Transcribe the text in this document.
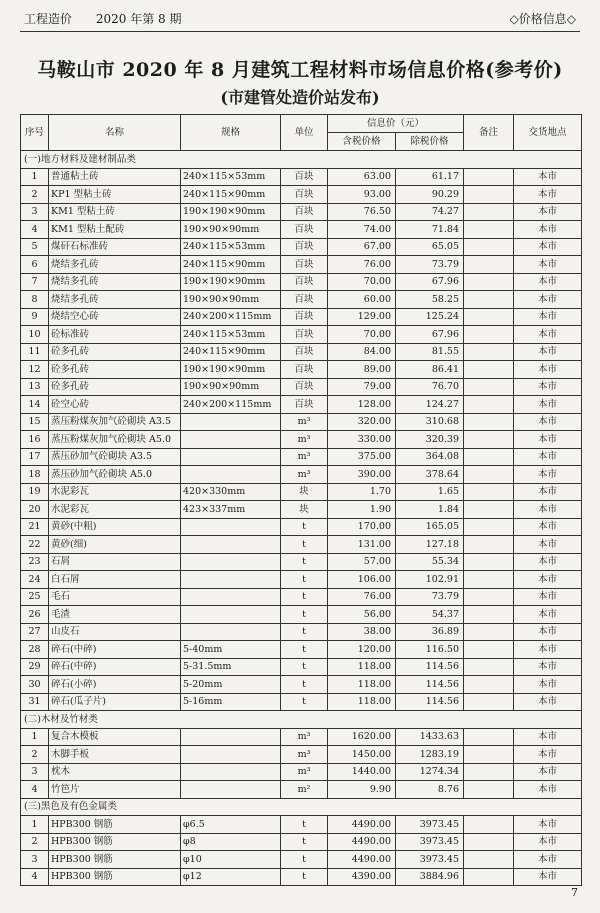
工程造价 2020 年第 8 期	◇价格信息◇
马鞍山市 2020 年 8 月建筑工程材料市场信息价格(参考价)
(市建管处造价站发布)
序号	名称	规格	单位	信息价（元）		备注	交货地点
				含税价格	除税价格		
(一)地方材料及建材制品类							
1	普通粘土砖	240×115×53mm	百块	63.00	61.17		本市
2	KP1 型粘土砖	240×115×90mm	百块	93.00	90.29		本市
3	KM1 型粘土砖	190×190×90mm	百块	76.50	74.27		本市
4	KM1 型粘土配砖	190×90×90mm	百块	74.00	71.84		本市
5	煤矸石标准砖	240×115×53mm	百块	67.00	65.05		本市
6	烧结多孔砖	240×115×90mm	百块	76.00	73.79		本市
7	烧结多孔砖	190×190×90mm	百块	70.00	67.96		本市
8	烧结多孔砖	190×90×90mm	百块	60.00	58.25		本市
9	烧结空心砖	240×200×115mm	百块	129.00	125.24		本市
10	砼标准砖	240×115×53mm	百块	70.00	67.96		本市
11	砼多孔砖	240×115×90mm	百块	84.00	81.55		本市
12	砼多孔砖	190×190×90mm	百块	89.00	86.41		本市
13	砼多孔砖	190×90×90mm	百块	79.00	76.70		本市
14	砼空心砖	240×200×115mm	百块	128.00	124.27		本市
15	蒸压粉煤灰加气砼砌块 A3.5		m³	320.00	310.68		本市
16	蒸压粉煤灰加气砼砌块 A5.0		m³	330.00	320.39		本市
17	蒸压砂加气砼砌块 A3.5		m³	375.00	364.08		本市
18	蒸压砂加气砼砌块 A5.0		m³	390.00	378.64		本市
19	水泥彩瓦	420×330mm	块	1.70	1.65		本市
20	水泥彩瓦	423×337mm	块	1.90	1.84		本市
21	黄砂(中粗)		t	170.00	165.05		本市
22	黄砂(细)		t	131.00	127.18		本市
23	石屑		t	57.00	55.34		本市
24	白石屑		t	106.00	102.91		本市
25	毛石		t	76.00	73.79		本市
26	毛渣		t	56.00	54.37		本市
27	山皮石		t	38.00	36.89		本市
28	碎石(中碎)	5-40mm	t	120.00	116.50		本市
29	碎石(中碎)	5-31.5mm	t	118.00	114.56		本市
30	碎石(小碎)	5-20mm	t	118.00	114.56		本市
31	碎石(瓜子片)	5-16mm	t	118.00	114.56		本市
(二)木材及竹材类							
1	复合木模板		m³	1620.00	1433.63		本市
2	木脚手板		m³	1450.00	1283.19		本市
3	枕木		m³	1440.00	1274.34		本市
4	竹笆片		m²	9.90	8.76		本市
(三)黑色及有色金属类							
1	HPB300 钢筋	φ6.5	t	4490.00	3973.45		本市
2	HPB300 钢筋	φ8	t	4490.00	3973.45		本市
3	HPB300 钢筋	φ10	t	4490.00	3973.45		本市
4	HPB300 钢筋	φ12	t	4390.00	3884.96		本市
7
